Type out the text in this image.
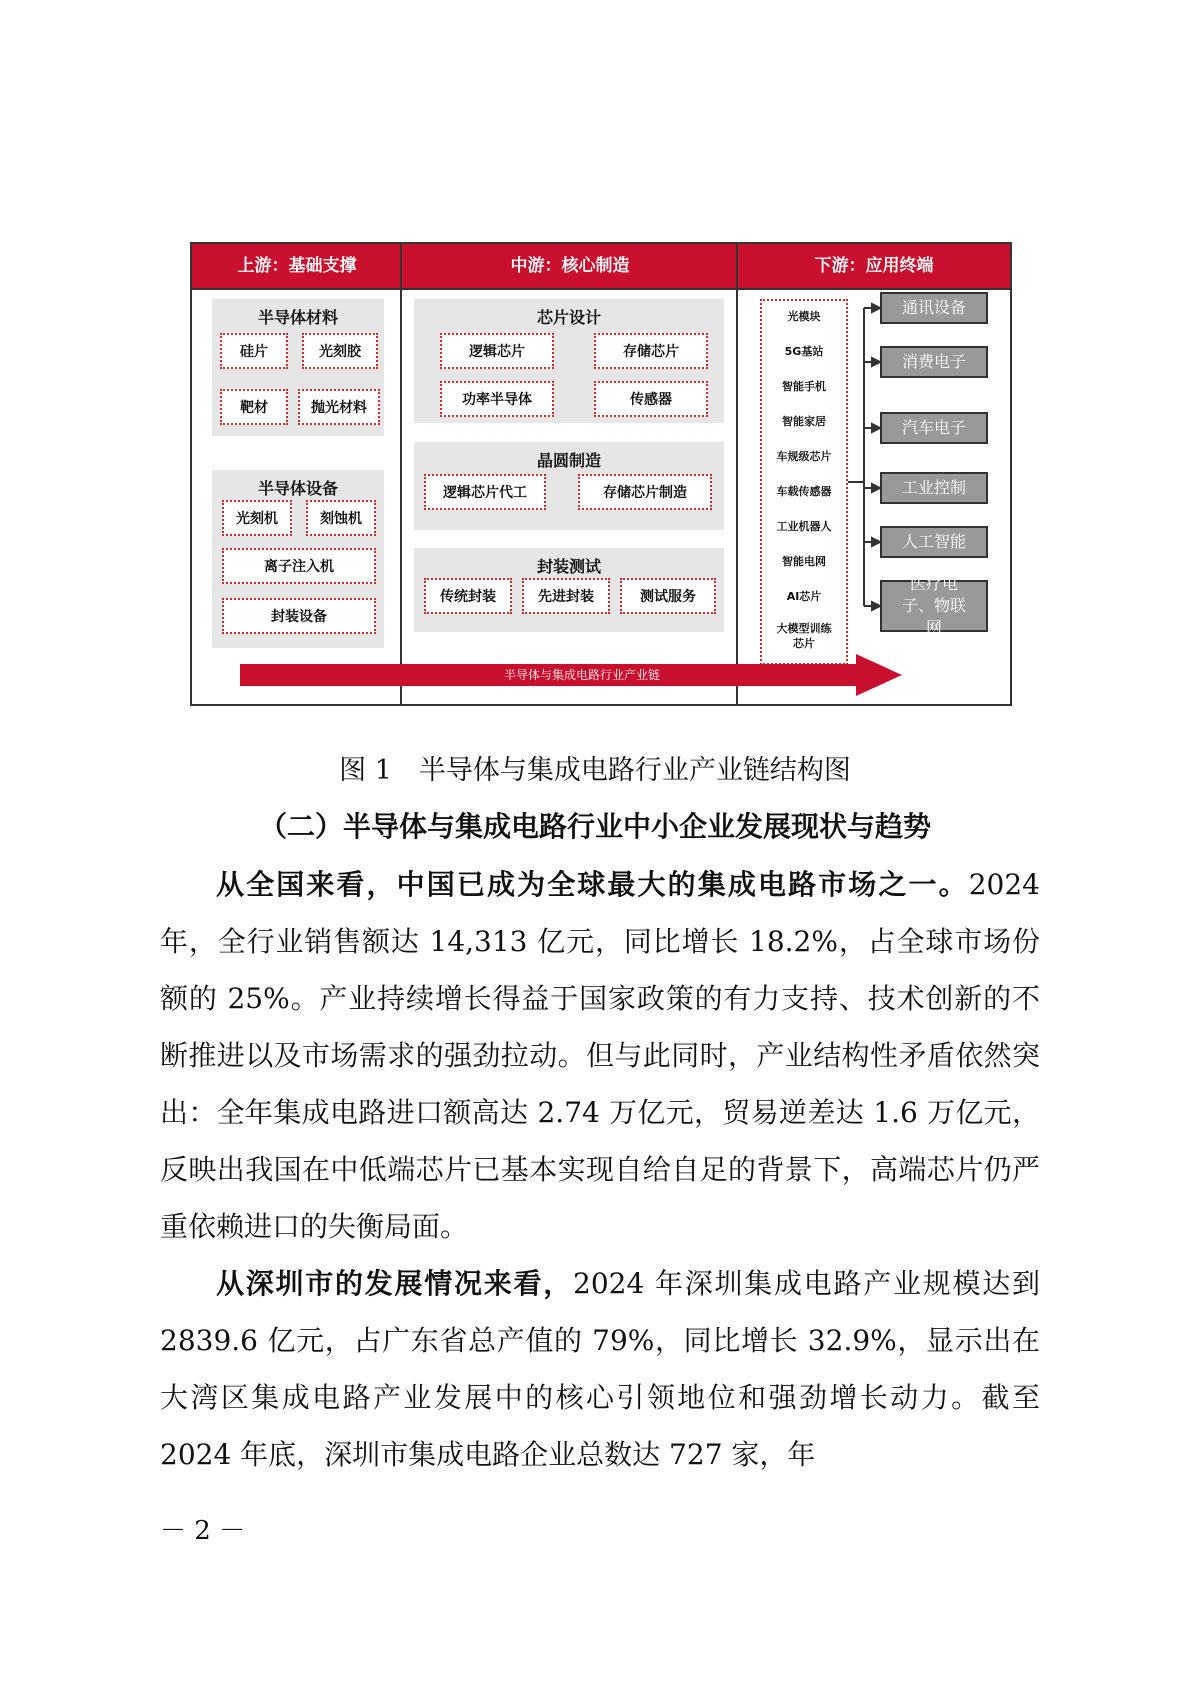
上游：基础支撑	中游：核心制造	下游：应用终端
半导体材料
硅片	光刻胶
靶材	抛光材料
半导体设备
光刻机	刻蚀机
离子注入机
封装设备
芯片设计
逻辑芯片	存储芯片
功率半导体	传感器
晶圆制造
逻辑芯片代工	存储芯片制造
封装测试
传统封装	先进封装	测试服务
光模块
5G基站
智能手机
智能家居
车规级芯片
车载传感器
工业机器人
智能电网
AI芯片
大模型训练芯片
通讯设备
消费电子
汽车电子
工业控制
人工智能
医疗电子、物联网
半导体与集成电路行业产业链
图 1　半导体与集成电路行业产业链结构图
（二）半导体与集成电路行业中小企业发展现状与趋势
从全国来看，中国已成为全球最大的集成电路市场之一。2024 年，全行业销售额达 14,313 亿元，同比增长 18.2%，占全球市场份额的 25%。产业持续增长得益于国家政策的有力支持、技术创新的不断推进以及市场需求的强劲拉动。但与此同时，产业结构性矛盾依然突出：全年集成电路进口额高达 2.74 万亿元，贸易逆差达 1.6 万亿元，反映出我国在中低端芯片已基本实现自给自足的背景下，高端芯片仍严重依赖进口的失衡局面。
从深圳市的发展情况来看，2024 年深圳集成电路产业规模达到 2839.6 亿元，占广东省总产值的 79%，同比增长 32.9%，显示出在大湾区集成电路产业发展中的核心引领地位和强劲增长动力。截至 2024 年底，深圳市集成电路企业总数达 727 家，年
－ 2 －
